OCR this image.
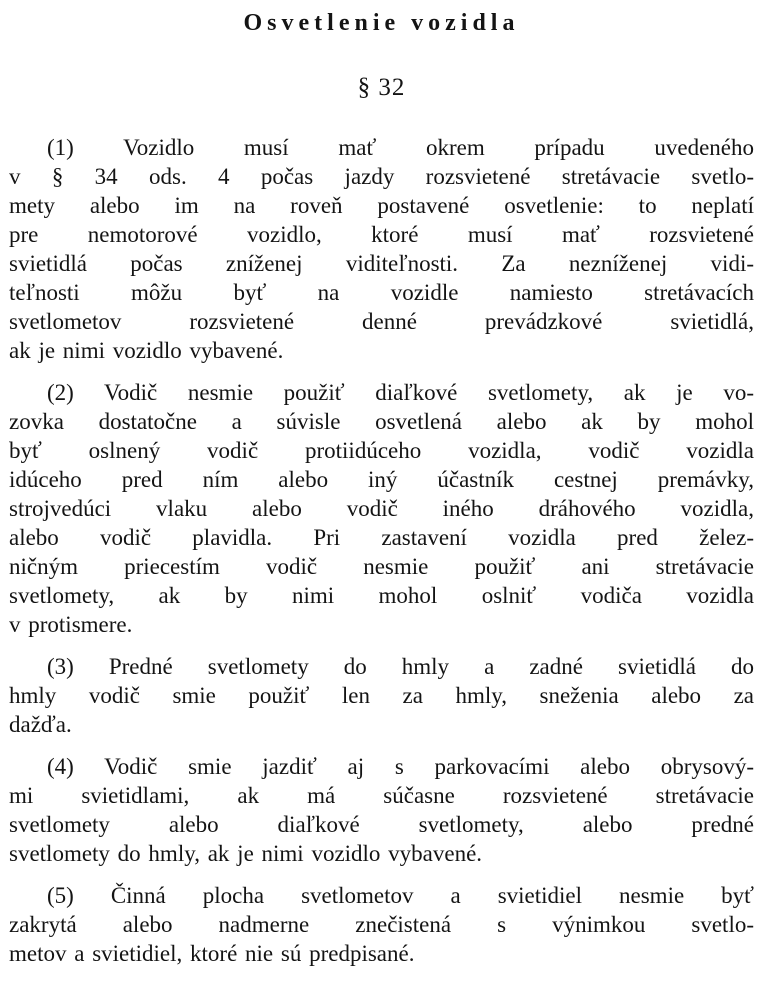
Osvetlenie vozidla
§ 32
(1) Vozidlo musí mať okrem prípadu uvedeného
v § 34 ods. 4 počas jazdy rozsvietené stretávacie svetlo-
mety alebo im na roveň postavené osvetlenie: to neplatí
pre nemotorové vozidlo, ktoré musí mať rozsvietené
svietidlá počas zníženej viditeľnosti. Za nezníženej vidi-
teľnosti môžu byť na vozidle namiesto stretávacích
svetlometov rozsvietené denné prevádzkové svietidlá,
ak je nimi vozidlo vybavené.
(2) Vodič nesmie použiť diaľkové svetlomety, ak je vo-
zovka dostatočne a súvisle osvetlená alebo ak by mohol
byť oslnený vodič protiidúceho vozidla, vodič vozidla
idúceho pred ním alebo iný účastník cestnej premávky,
strojvedúci vlaku alebo vodič iného dráhového vozidla,
alebo vodič plavidla. Pri zastavení vozidla pred želez-
ničným priecestím vodič nesmie použiť ani stretávacie
svetlomety, ak by nimi mohol oslniť vodiča vozidla
v protismere.
(3) Predné svetlomety do hmly a zadné svietidlá do
hmly vodič smie použiť len za hmly, sneženia alebo za
dažďa.
(4) Vodič smie jazdiť aj s parkovacími alebo obrysový-
mi svietidlami, ak má súčasne rozsvietené stretávacie
svetlomety alebo diaľkové svetlomety, alebo predné
svetlomety do hmly, ak je nimi vozidlo vybavené.
(5) Činná plocha svetlometov a svietidiel nesmie byť
zakrytá alebo nadmerne znečistená s výnimkou svetlo-
metov a svietidiel, ktoré nie sú predpisané.
